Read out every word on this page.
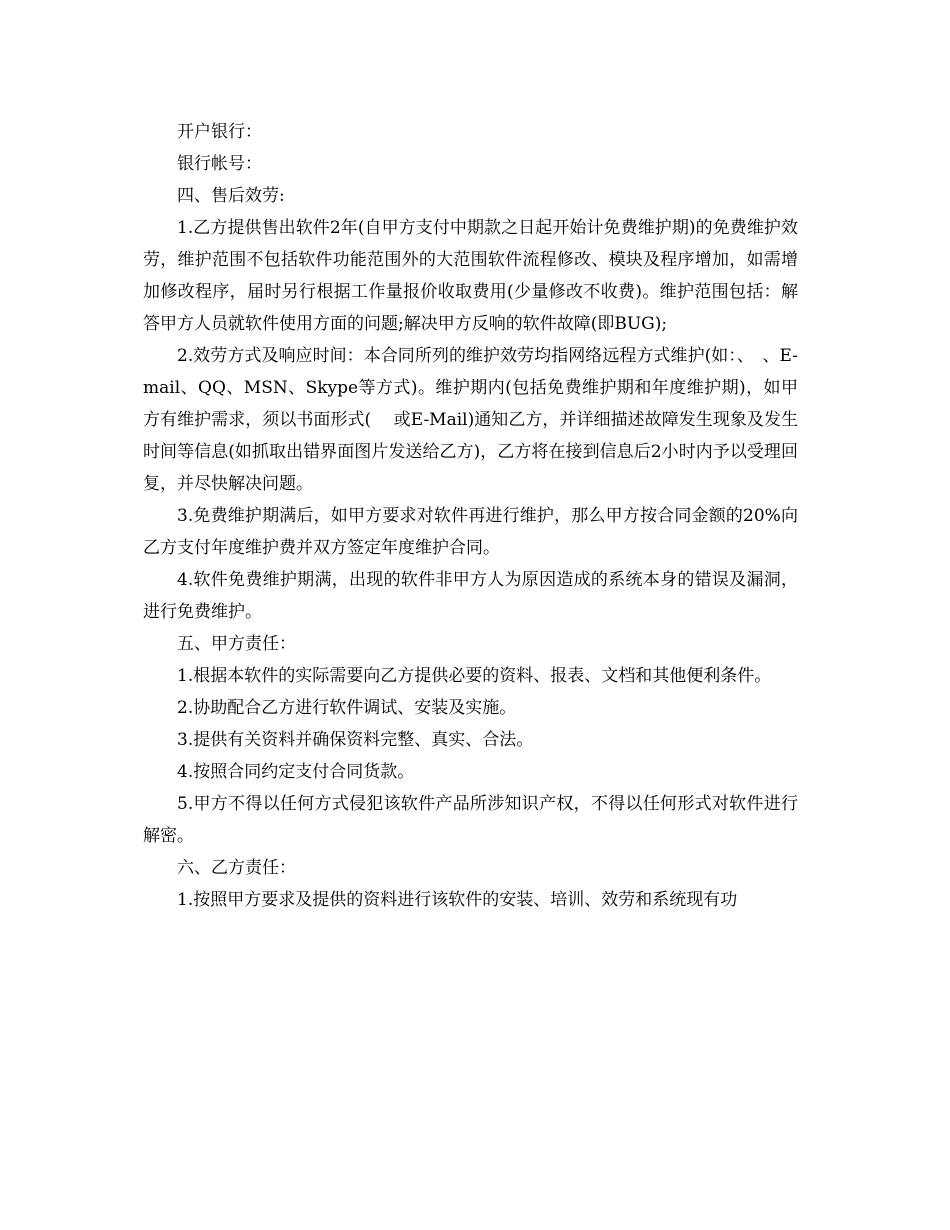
开户银行：

银行帐号：

四、售后效劳:

1.乙方提供售出软件2年(自甲方支付中期款之日起开始计免费维护期)的免费维护效劳，维护范围不包括软件功能范围外的大范围软件流程修改、模块及程序增加，如需增加修改程序，届时另行根据工作量报价收取费用(少量修改不收费)。维护范围包括：解答甲方人员就软件使用方面的问题;解决甲方反响的软件故障(即BUG);

2.效劳方式及响应时间：本合同所列的维护效劳均指网络远程方式维护(如：、　、E-mail、QQ、MSN、Skype等方式)。维护期内(包括免费维护期和年度维护期)，如甲方有维护需求，须以书面形式(　 或E-Mail)通知乙方，并详细描述故障发生现象及发生时间等信息(如抓取出错界面图片发送给乙方)，乙方将在接到信息后2小时内予以受理回复，并尽快解决问题。

3.免费维护期满后，如甲方要求对软件再进行维护，那么甲方按合同金额的20%向乙方支付年度维护费并双方签定年度维护合同。

4.软件免费维护期满，出现的软件非甲方人为原因造成的系统本身的错误及漏洞，进行免费维护。

五、甲方责任：

1.根据本软件的实际需要向乙方提供必要的资料、报表、文档和其他便利条件。

2.协助配合乙方进行软件调试、安装及实施。

3.提供有关资料并确保资料完整、真实、合法。

4.按照合同约定支付合同货款。

5.甲方不得以任何方式侵犯该软件产品所涉知识产权，不得以任何形式对软件进行解密。

六、乙方责任：

1.按照甲方要求及提供的资料进行该软件的安装、培训、效劳和系统现有功
